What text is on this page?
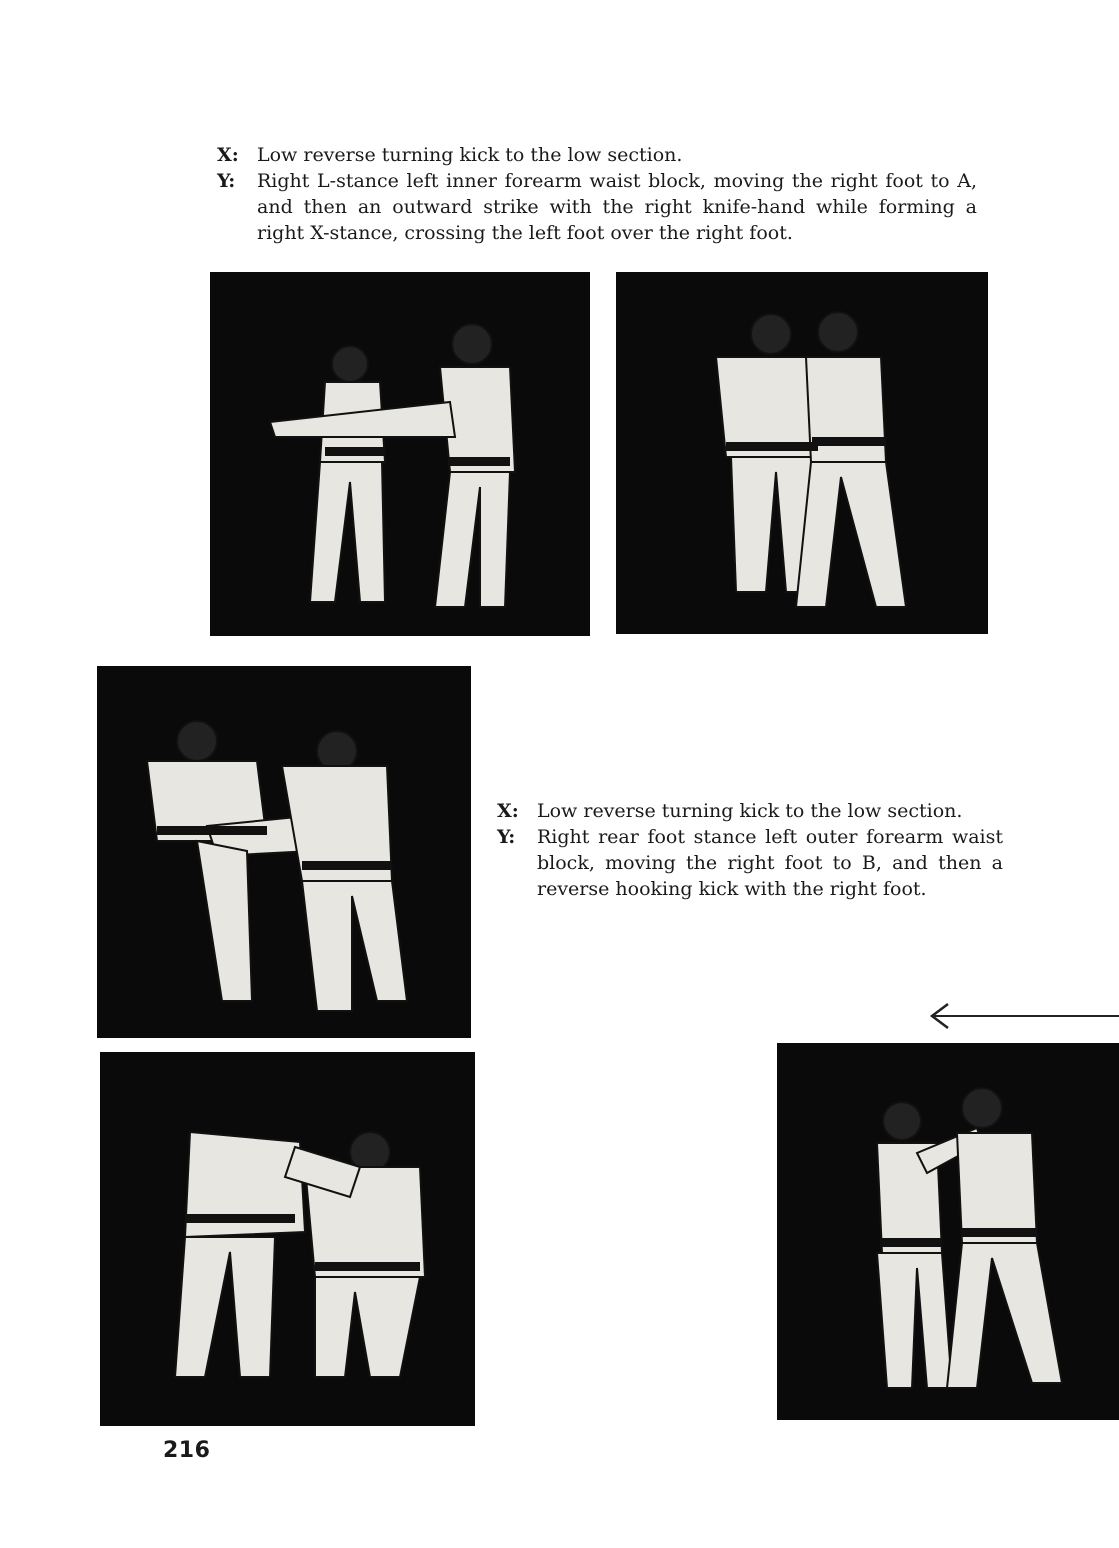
X: Low reverse turning kick to the low section.
Y:	Right L-stance left inner forearm waist block, moving the right foot to A, and then an outward strike with the right knife-hand while forming a right X-stance, crossing the left foot over the right foot.
X: Low reverse turning kick to the low section.
Y:	Right rear foot stance left outer forearm waist block, moving the right foot to B, and then a reverse hooking kick with the right foot.
216
